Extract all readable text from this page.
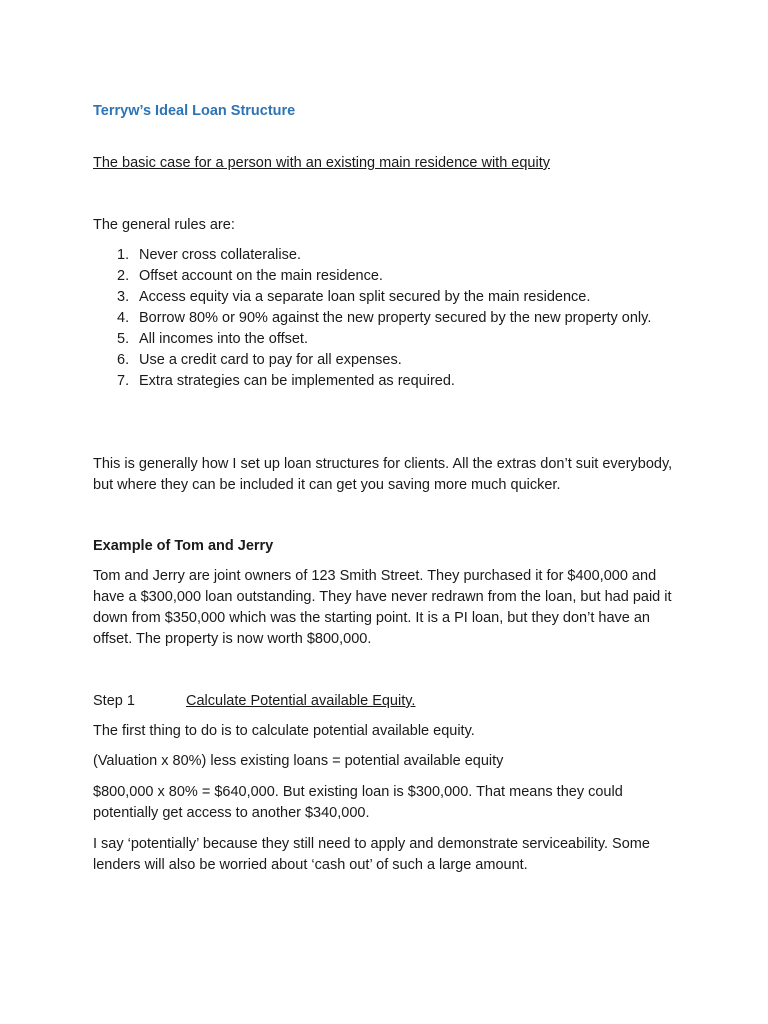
Terryw’s Ideal Loan Structure

The basic case for a person with an existing main residence with equity

The general rules are:

1. Never cross collateralise.
2. Offset account on the main residence.
3. Access equity via a separate loan split secured by the main residence.
4. Borrow 80% or 90% against the new property secured by the new property only.
5. All incomes into the offset.
6. Use a credit card to pay for all expenses.
7. Extra strategies can be implemented as required.

This is generally how I set up loan structures for clients. All the extras don’t suit everybody, but where they can be included it can get you saving more much quicker.

Example of Tom and Jerry

Tom and Jerry are joint owners of 123 Smith Street. They purchased it for $400,000 and have a $300,000 loan outstanding. They have never redrawn from the loan, but had paid it down from $350,000 which was the starting point. It is a PI loan, but they don’t have an offset. The property is now worth $800,000.

Step 1	Calculate Potential available Equity.

The first thing to do is to calculate potential available equity.

(Valuation x 80%) less existing loans = potential available equity

$800,000 x 80% = $640,000. But existing loan is $300,000. That means they could potentially get access to another $340,000.

I say ‘potentially’ because they still need to apply and demonstrate serviceability. Some lenders will also be worried about ‘cash out’ of such a large amount.
